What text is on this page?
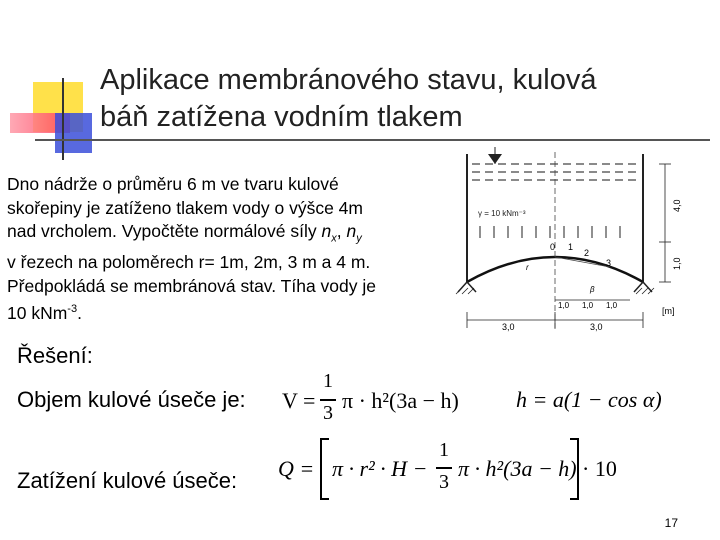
Aplikace membránového stavu, kulová
báň zatížena vodním tlakem
Dno nádrže o průměru 6 m ve tvaru kulové
skořepiny je zatíženo tlakem vody o výšce 4m
nad vrcholem. Vypočtěte normálové síly $n_x$, $n_y$
v řezech na poloměrech r= 1m, 2m, 3 m a 4 m.
Předpokládá se membránová stav. Tíha vody je
10 kNm$^{-3}$.
γ = 10 kNm⁻³
0 1
2
3
r
β
1,0 1,0 1,0
3,0	3,0
4,0
1,0
[m]
Řešení:
Objem kulové úseče je: V =
1
3 π · h²(3a − h)	h = a(1 − cos α)
Zatížení kulové úseče: Q = π · r² · H −
1
3
π · h²(3a − h) · 10
17
